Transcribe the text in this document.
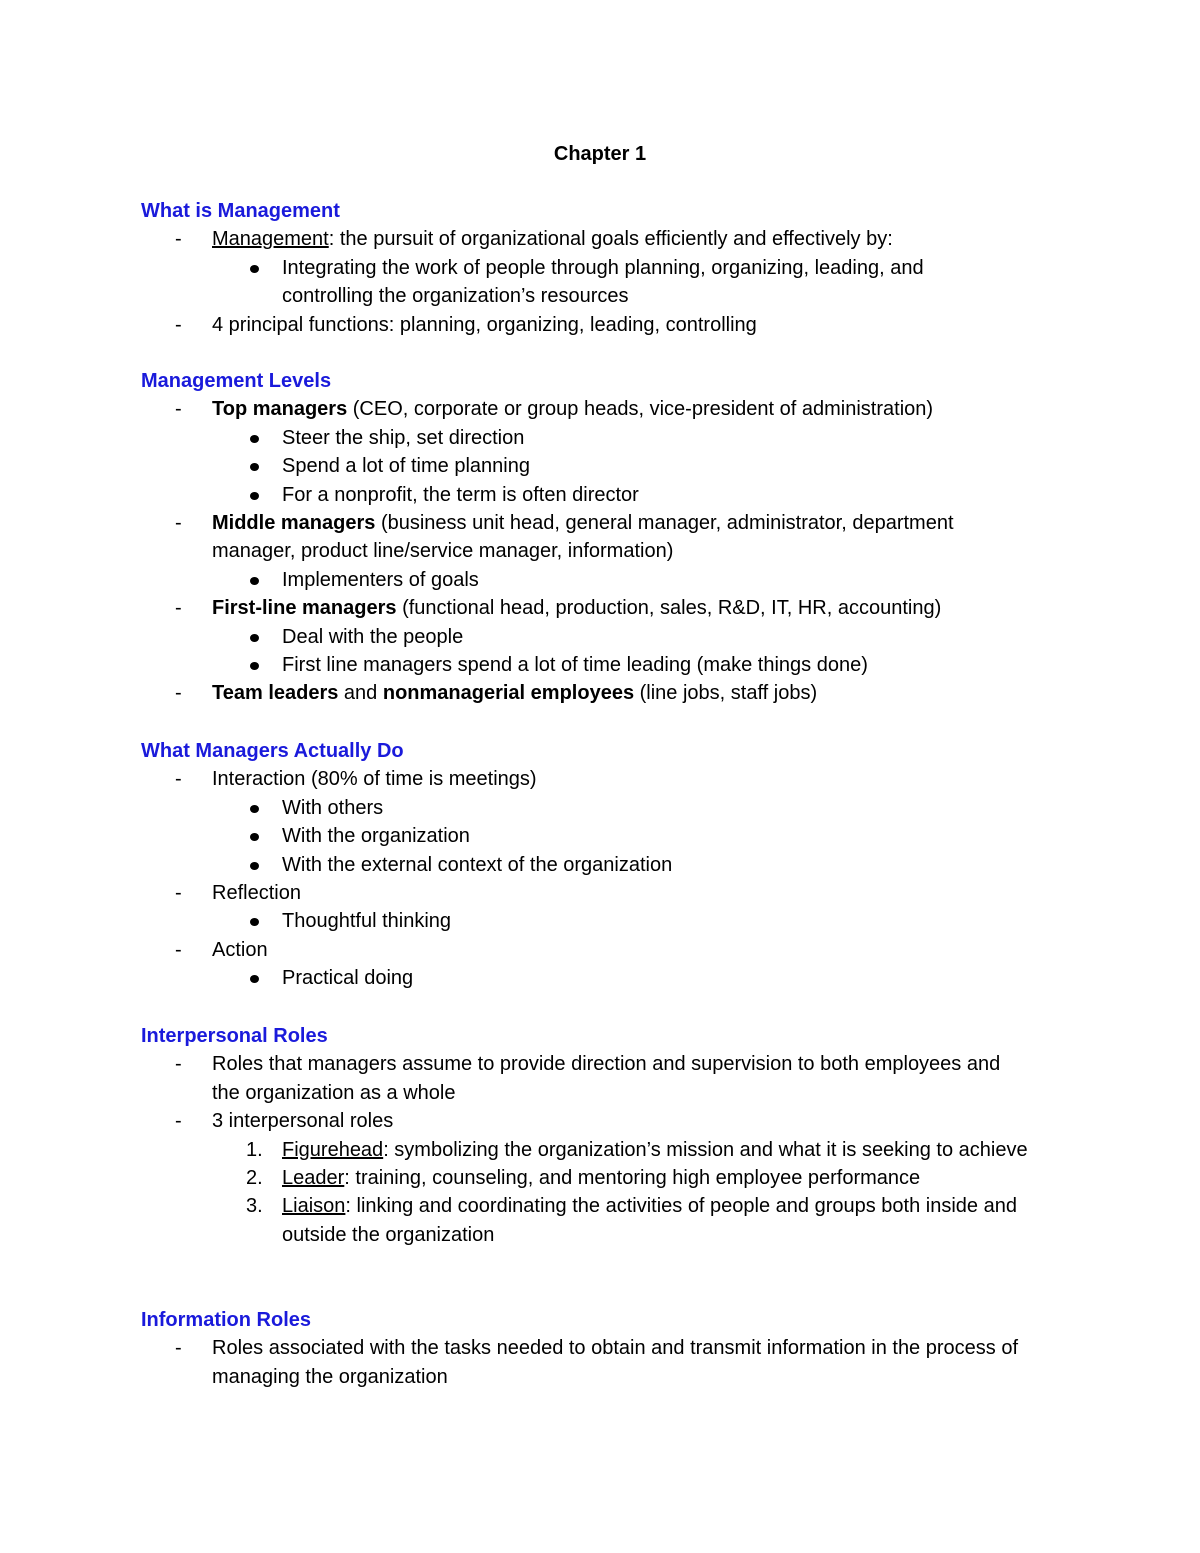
Chapter 1

What is Management

- Management: the pursuit of organizational goals efficiently and effectively by:

Integrating the work of people through planning, organizing, leading, and controlling the organization’s resources

- 4 principal functions: planning, organizing, leading, controlling

Management Levels

- Top managers (CEO, corporate or group heads, vice-president of administration)

Steer the ship, set direction

Spend a lot of time planning

For a nonprofit, the term is often director

- Middle managers (business unit head, general manager, administrator, department manager, product line/service manager, information)

Implementers of goals

- First-line managers (functional head, production, sales, R&D, IT, HR, accounting)

Deal with the people

First line managers spend a lot of time leading (make things done)

- Team leaders and nonmanagerial employees (line jobs, staff jobs)

What Managers Actually Do

- Interaction (80% of time is meetings)

With others

With the organization

With the external context of the organization

- Reflection

Thoughtful thinking

- Action

Practical doing

Interpersonal Roles

- Roles that managers assume to provide direction and supervision to both employees and the organization as a whole

- 3 interpersonal roles

1. Figurehead: symbolizing the organization’s mission and what it is seeking to achieve

2. Leader: training, counseling, and mentoring high employee performance

3. Liaison: linking and coordinating the activities of people and groups both inside and outside the organization

Information Roles

- Roles associated with the tasks needed to obtain and transmit information in the process of managing the organization
